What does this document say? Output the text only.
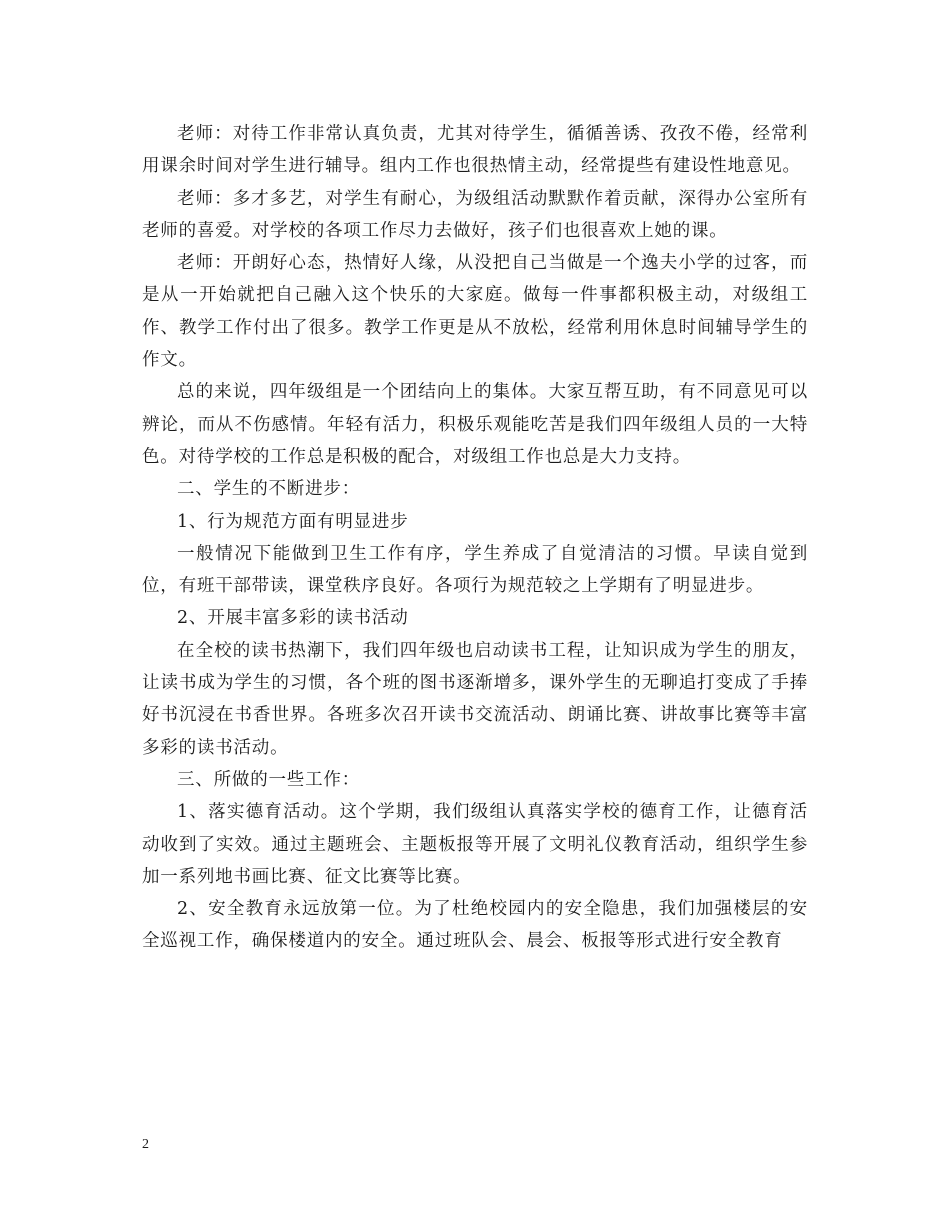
老师：对待工作非常认真负责，尤其对待学生，循循善诱、孜孜不倦，经常利用课余时间对学生进行辅导。组内工作也很热情主动，经常提些有建设性地意见。

老师：多才多艺，对学生有耐心，为级组活动默默作着贡献，深得办公室所有老师的喜爱。对学校的各项工作尽力去做好，孩子们也很喜欢上她的课。

老师：开朗好心态，热情好人缘，从没把自己当做是一个逸夫小学的过客，而是从一开始就把自己融入这个快乐的大家庭。做每一件事都积极主动，对级组工作、教学工作付出了很多。教学工作更是从不放松，经常利用休息时间辅导学生的作文。

总的来说，四年级组是一个团结向上的集体。大家互帮互助，有不同意见可以辨论，而从不伤感情。年轻有活力，积极乐观能吃苦是我们四年级组人员的一大特色。对待学校的工作总是积极的配合，对级组工作也总是大力支持。

二、学生的不断进步：

1、行为规范方面有明显进步

一般情况下能做到卫生工作有序，学生养成了自觉清洁的习惯。早读自觉到位，有班干部带读，课堂秩序良好。各项行为规范较之上学期有了明显进步。

2、开展丰富多彩的读书活动

在全校的读书热潮下，我们四年级也启动读书工程，让知识成为学生的朋友，让读书成为学生的习惯，各个班的图书逐渐增多，课外学生的无聊追打变成了手捧好书沉浸在书香世界。各班多次召开读书交流活动、朗诵比赛、讲故事比赛等丰富多彩的读书活动。

三、所做的一些工作：

1、落实德育活动。这个学期，我们级组认真落实学校的德育工作，让德育活动收到了实效。通过主题班会、主题板报等开展了文明礼仪教育活动，组织学生参加一系列地书画比赛、征文比赛等比赛。

2、安全教育永远放第一位。为了杜绝校园内的安全隐患，我们加强楼层的安全巡视工作，确保楼道内的安全。通过班队会、晨会、板报等形式进行安全教育

2
